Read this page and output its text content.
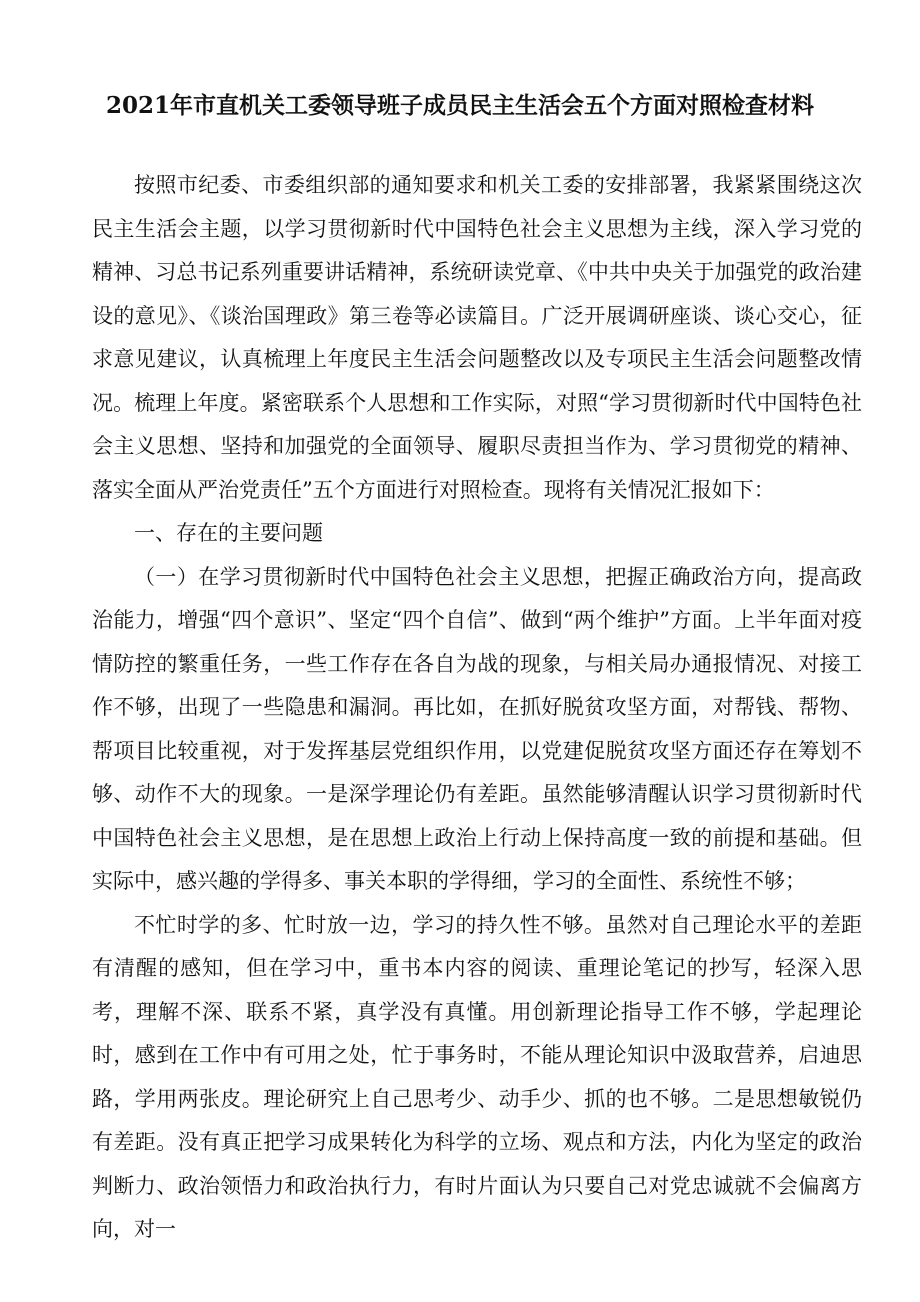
2021年市直机关工委领导班子成员民主生活会五个方面对照检查材料

按照市纪委、市委组织部的通知要求和机关工委的安排部署，我紧紧围绕这次民主生活会主题，以学习贯彻新时代中国特色社会主义思想为主线，深入学习党的精神、习总书记系列重要讲话精神，系统研读党章、《中共中央关于加强党的政治建设的意见》、《谈治国理政》第三卷等必读篇目。广泛开展调研座谈、谈心交心，征求意见建议，认真梳理上年度民主生活会问题整改以及专项民主生活会问题整改情况。梳理上年度。紧密联系个人思想和工作实际，对照“学习贯彻新时代中国特色社会主义思想、坚持和加强党的全面领导、履职尽责担当作为、学习贯彻党的精神、落实全面从严治党责任”五个方面进行对照检查。现将有关情况汇报如下：

一、存在的主要问题

（一）在学习贯彻新时代中国特色社会主义思想，把握正确政治方向，提高政治能力，增强“四个意识”、坚定“四个自信”、做到“两个维护”方面。上半年面对疫情防控的繁重任务，一些工作存在各自为战的现象，与相关局办通报情况、对接工作不够，出现了一些隐患和漏洞。再比如，在抓好脱贫攻坚方面，对帮钱、帮物、帮项目比较重视，对于发挥基层党组织作用，以党建促脱贫攻坚方面还存在筹划不够、动作不大的现象。一是深学理论仍有差距。虽然能够清醒认识学习贯彻新时代中国特色社会主义思想，是在思想上政治上行动上保持高度一致的前提和基础。但实际中，感兴趣的学得多、事关本职的学得细，学习的全面性、系统性不够；

不忙时学的多、忙时放一边，学习的持久性不够。虽然对自己理论水平的差距有清醒的感知，但在学习中，重书本内容的阅读、重理论笔记的抄写，轻深入思考，理解不深、联系不紧，真学没有真懂。用创新理论指导工作不够，学起理论时，感到在工作中有可用之处，忙于事务时，不能从理论知识中汲取营养，启迪思路，学用两张皮。理论研究上自己思考少、动手少、抓的也不够。二是思想敏锐仍有差距。没有真正把学习成果转化为科学的立场、观点和方法，内化为坚定的政治判断力、政治领悟力和政治执行力，有时片面认为只要自己对党忠诚就不会偏离方向，对一
